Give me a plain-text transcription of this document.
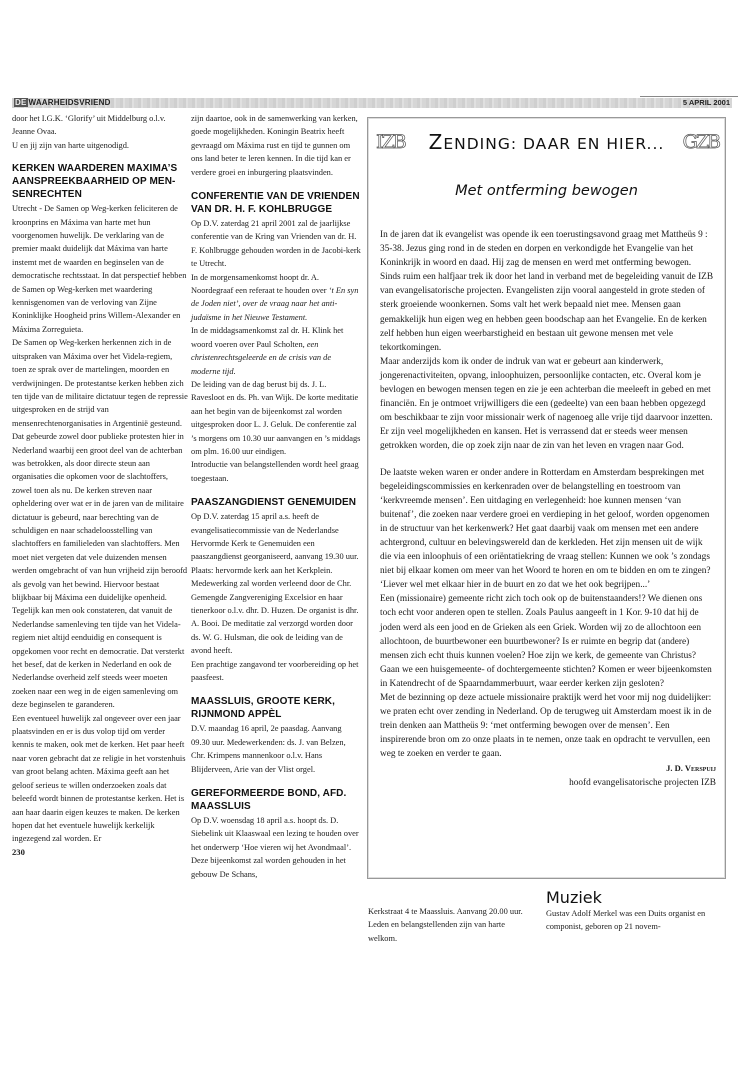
DE WAARHEIDSVRIEND	5 APRIL 2001

door het I.G.K. ‘Glorify’ uit Middelburg o.l.v. Jeanne Ovaa.

U en jij zijn van harte uitgenodigd.

KERKEN WAARDEREN MAXIMA’S AANSPREEKBAARHEID OP MEN-SENRECHTEN

Utrecht - De Samen op Weg-kerken feliciteren de kroonprins en Máxima van harte met hun voorgenomen huwelijk. De verklaring van de premier maakt duidelijk dat Máxima van harte instemt met de waarden en beginselen van de democratische rechtsstaat. In dat perspectief hebben de Samen op Weg-kerken met waardering kennisgenomen van de verloving van Zijne Koninklijke Hoogheid prins Willem-Alexander en Máxima Zorreguieta.

De Samen op Weg-kerken herkennen zich in de uitspraken van Máxima over het Videla-regiem, toen ze sprak over de martelingen, moorden en verdwijningen. De protestantse kerken hebben zich ten tijde van de militaire dictatuur tegen de repressie uitgesproken en de strijd van mensenrechtenorganisaties in Argentinië gesteund. Dat gebeurde zowel door publieke protesten hier in Nederland waarbij een groot deel van de achterban was betrokken, als door directe steun aan organisaties die opkomen voor de slachtoffers, zowel toen als nu. De kerken streven naar opheldering over wat er in de jaren van de militaire dictatuur is gebeurd, naar berechting van de schuldigen en naar schadeloosstelling van slachtoffers en familieleden van slachtoffers. Men moet niet vergeten dat vele duizenden mensen werden omgebracht of van hun vrijheid zijn beroofd als gevolg van het bewind. Hiervoor bestaat blijkbaar bij Máxima een duidelijke openheid.

Tegelijk kan men ook constateren, dat vanuit de Nederlandse samenleving ten tijde van het Videla-regiem niet altijd eenduidig en consequent is opgekomen voor recht en democratie. Dat versterkt het besef, dat de kerken in Nederland en ook de Nederlandse overheid zelf steeds weer moeten zoeken naar een weg in de eigen samenleving om deze beginselen te garanderen.

Een eventueel huwelijk zal ongeveer over een jaar plaatsvinden en er is dus volop tijd om verder kennis te maken, ook met de kerken. Het paar heeft naar voren gebracht dat ze religie in het vorstenhuis van groot belang achten. Máxima geeft aan het geloof serieus te willen onderzoeken zoals dat beleefd wordt binnen de protestantse kerken. Het is aan haar daarin eigen keuzes te maken. De kerken hopen dat het eventuele huwelijk kerkelijk ingezegend zal worden. Er

230

zijn daartoe, ook in de samenwerking van kerken, goede mogelijkheden. Koningin Beatrix heeft gevraagd om Máxima rust en tijd te gunnen om ons land beter te leren kennen. In die tijd kan er verdere groei en inburgering plaatsvinden.

CONFERENTIE VAN DE VRIENDEN VAN DR. H. F. KOHLBRUGGE

Op D.V. zaterdag 21 april 2001 zal de jaarlijkse conferentie van de Kring van Vrienden van dr. H. F. Kohlbrugge gehouden worden in de Jacobi-kerk te Utrecht.

In de morgensamenkomst hoopt dr. A. Noordegraaf een referaat te houden over ‘t En syn de Joden niet’, over de vraag naar het anti-judaïsme in het Nieuwe Testament.

In de middagsamenkomst zal dr. H. Klink het woord voeren over Paul Scholten, een christenrechtsgeleerde en de crisis van de moderne tijd.

De leiding van de dag berust bij ds. J. L. Ravesloot en ds. Ph. van Wijk. De korte meditatie aan het begin van de bijeenkomst zal worden uitgesproken door L. J. Geluk. De conferentie zal ’s morgens om 10.30 uur aanvangen en ’s middags om plm. 16.00 uur eindigen.

Introductie van belangstellenden wordt heel graag toegestaan.

PAASZANGDIENST GENEMUIDEN

Op D.V. zaterdag 15 april a.s. heeft de evangelisatiecommissie van de Nederlandse Hervormde Kerk te Genemuiden een paaszangdienst georganiseerd, aanvang 19.30 uur.

Plaats: hervormde kerk aan het Kerkplein. Medewerking zal worden verleend door de Chr. Gemengde Zangvereniging Excelsior en haar tienerkoor o.l.v. dhr. D. Huzen. De organist is dhr. A. Booi. De meditatie zal verzorgd worden door ds. W. G. Hulsman, die ook de leiding van de avond heeft.

Een prachtige zangavond ter voorbereiding op het paasfeest.

MAASSLUIS, GROOTE KERK, RIJNMOND APPÈL

D.V. maandag 16 april, 2e paasdag. Aanvang 09.30 uur. Medewerkenden: ds. J. van Belzen, Chr. Krimpens mannenkoor o.l.v. Hans Blijderveen, Arie van der Vlist orgel.

GEREFORMEERDE BOND, AFD. MAASSLUIS

Op D.V. woensdag 18 april a.s. hoopt ds. D. Siebelink uit Klaaswaal een lezing te houden over het onderwerp ‘Hoe vieren wij het Avondmaal’. Deze bijeenkomst zal worden gehouden in het gebouw De Schans,

IZB	ZENDING: DAAR EN HIER... GZB
Met ontferming bewogen

In de jaren dat ik evangelist was opende ik een toerustingsavond graag met Mattheüs 9 : 35-38. Jezus ging rond in de steden en dorpen en verkondigde het Evangelie van het Koninkrijk in woord en daad. Hij zag de mensen en werd met ontferming bewogen.

Sinds ruim een halfjaar trek ik door het land in verband met de begeleiding vanuit de IZB van evangelisatorische projecten. Evangelisten zijn vooral aangesteld in grote steden of sterk groeiende woonkernen. Soms valt het werk bepaald niet mee. Mensen gaan gemakkelijk hun eigen weg en hebben geen boodschap aan het Evangelie. En de kerken zelf hebben hun eigen weerbarstigheid en bestaan uit gewone mensen met vele tekortkomingen.

Maar anderzijds kom ik onder de indruk van wat er gebeurt aan kinderwerk, jongerenactiviteiten, opvang, inloophuizen, persoonlijke contacten, etc. Overal kom je bevlogen en bewogen mensen tegen en zie je een achterban die meeleeft in gebed en met financiën. En je ontmoet vrijwilligers die een (gedeelte) van een baan hebben opgezegd om beschikbaar te zijn voor missionair werk of nagenoeg alle vrije tijd daarvoor inzetten. Er zijn veel mogelijkheden en kansen. Het is verrassend dat er steeds weer mensen getrokken worden, die op zoek zijn naar de zin van het leven en vragen naar God.

De laatste weken waren er onder andere in Rotterdam en Amsterdam besprekingen met begeleidingscommissies en kerkenraden over de belangstelling en toestroom van ‘kerkvreemde mensen’. Een uitdaging en verlegenheid: hoe kunnen mensen ‘van buitenaf’, die zoeken naar verdere groei en verdieping in het geloof, worden opgenomen in de structuur van het kerkenwerk? Het gaat daarbij vaak om mensen met een andere achtergrond, cultuur en belevingswereld dan de kerkleden. Het zijn mensen uit de wijk die via een inloophuis of een oriëntatiekring de vraag stellen: Kunnen we ook ’s zondags niet bij elkaar komen om meer van het Woord te horen en om te bidden en om te zingen? ‘Liever wel met elkaar hier in de buurt en zo dat we het ook begrijpen...’

Een (missionaire) gemeente richt zich toch ook op de buitenstaanders!? We dienen ons toch echt voor anderen open te stellen. Zoals Paulus aangeeft in 1 Kor. 9-10 dat hij de joden werd als een jood en de Grieken als een Griek. Worden wij zo de allochtoon een allochtoon, de buurtbewoner een buurtbewoner? Is er ruimte en begrip dat (andere) mensen zich echt thuis kunnen voelen? Hoe zijn we kerk, de gemeente van Christus? Gaan we een huisgemeente- of dochtergemeente stichten? Komen er weer bijeenkomsten in Katendrecht of de Spaarndammerbuurt, waar eerder kerken zijn gesloten?

Met de bezinning op deze actuele missionaire praktijk werd het voor mij nog duidelijker: we praten echt over zending in Nederland. Op de terugweg uit Amsterdam moest ik in de trein denken aan Mattheüs 9: ‘met ontferming bewogen over de mensen’. Een inspirerende bron om zo onze plaats in te nemen, onze taak en opdracht te vervullen, een weg te zoeken en verder te gaan.

J. D. Verspuij

hoofd evangelisatorische projecten IZB

Kerkstraat 4 te Maassluis. Aanvang 20.00 uur. Leden en belangstellenden zijn van harte welkom.

Muziek

Gustav Adolf Merkel was een Duits organist en componist, geboren op 21 novem-
